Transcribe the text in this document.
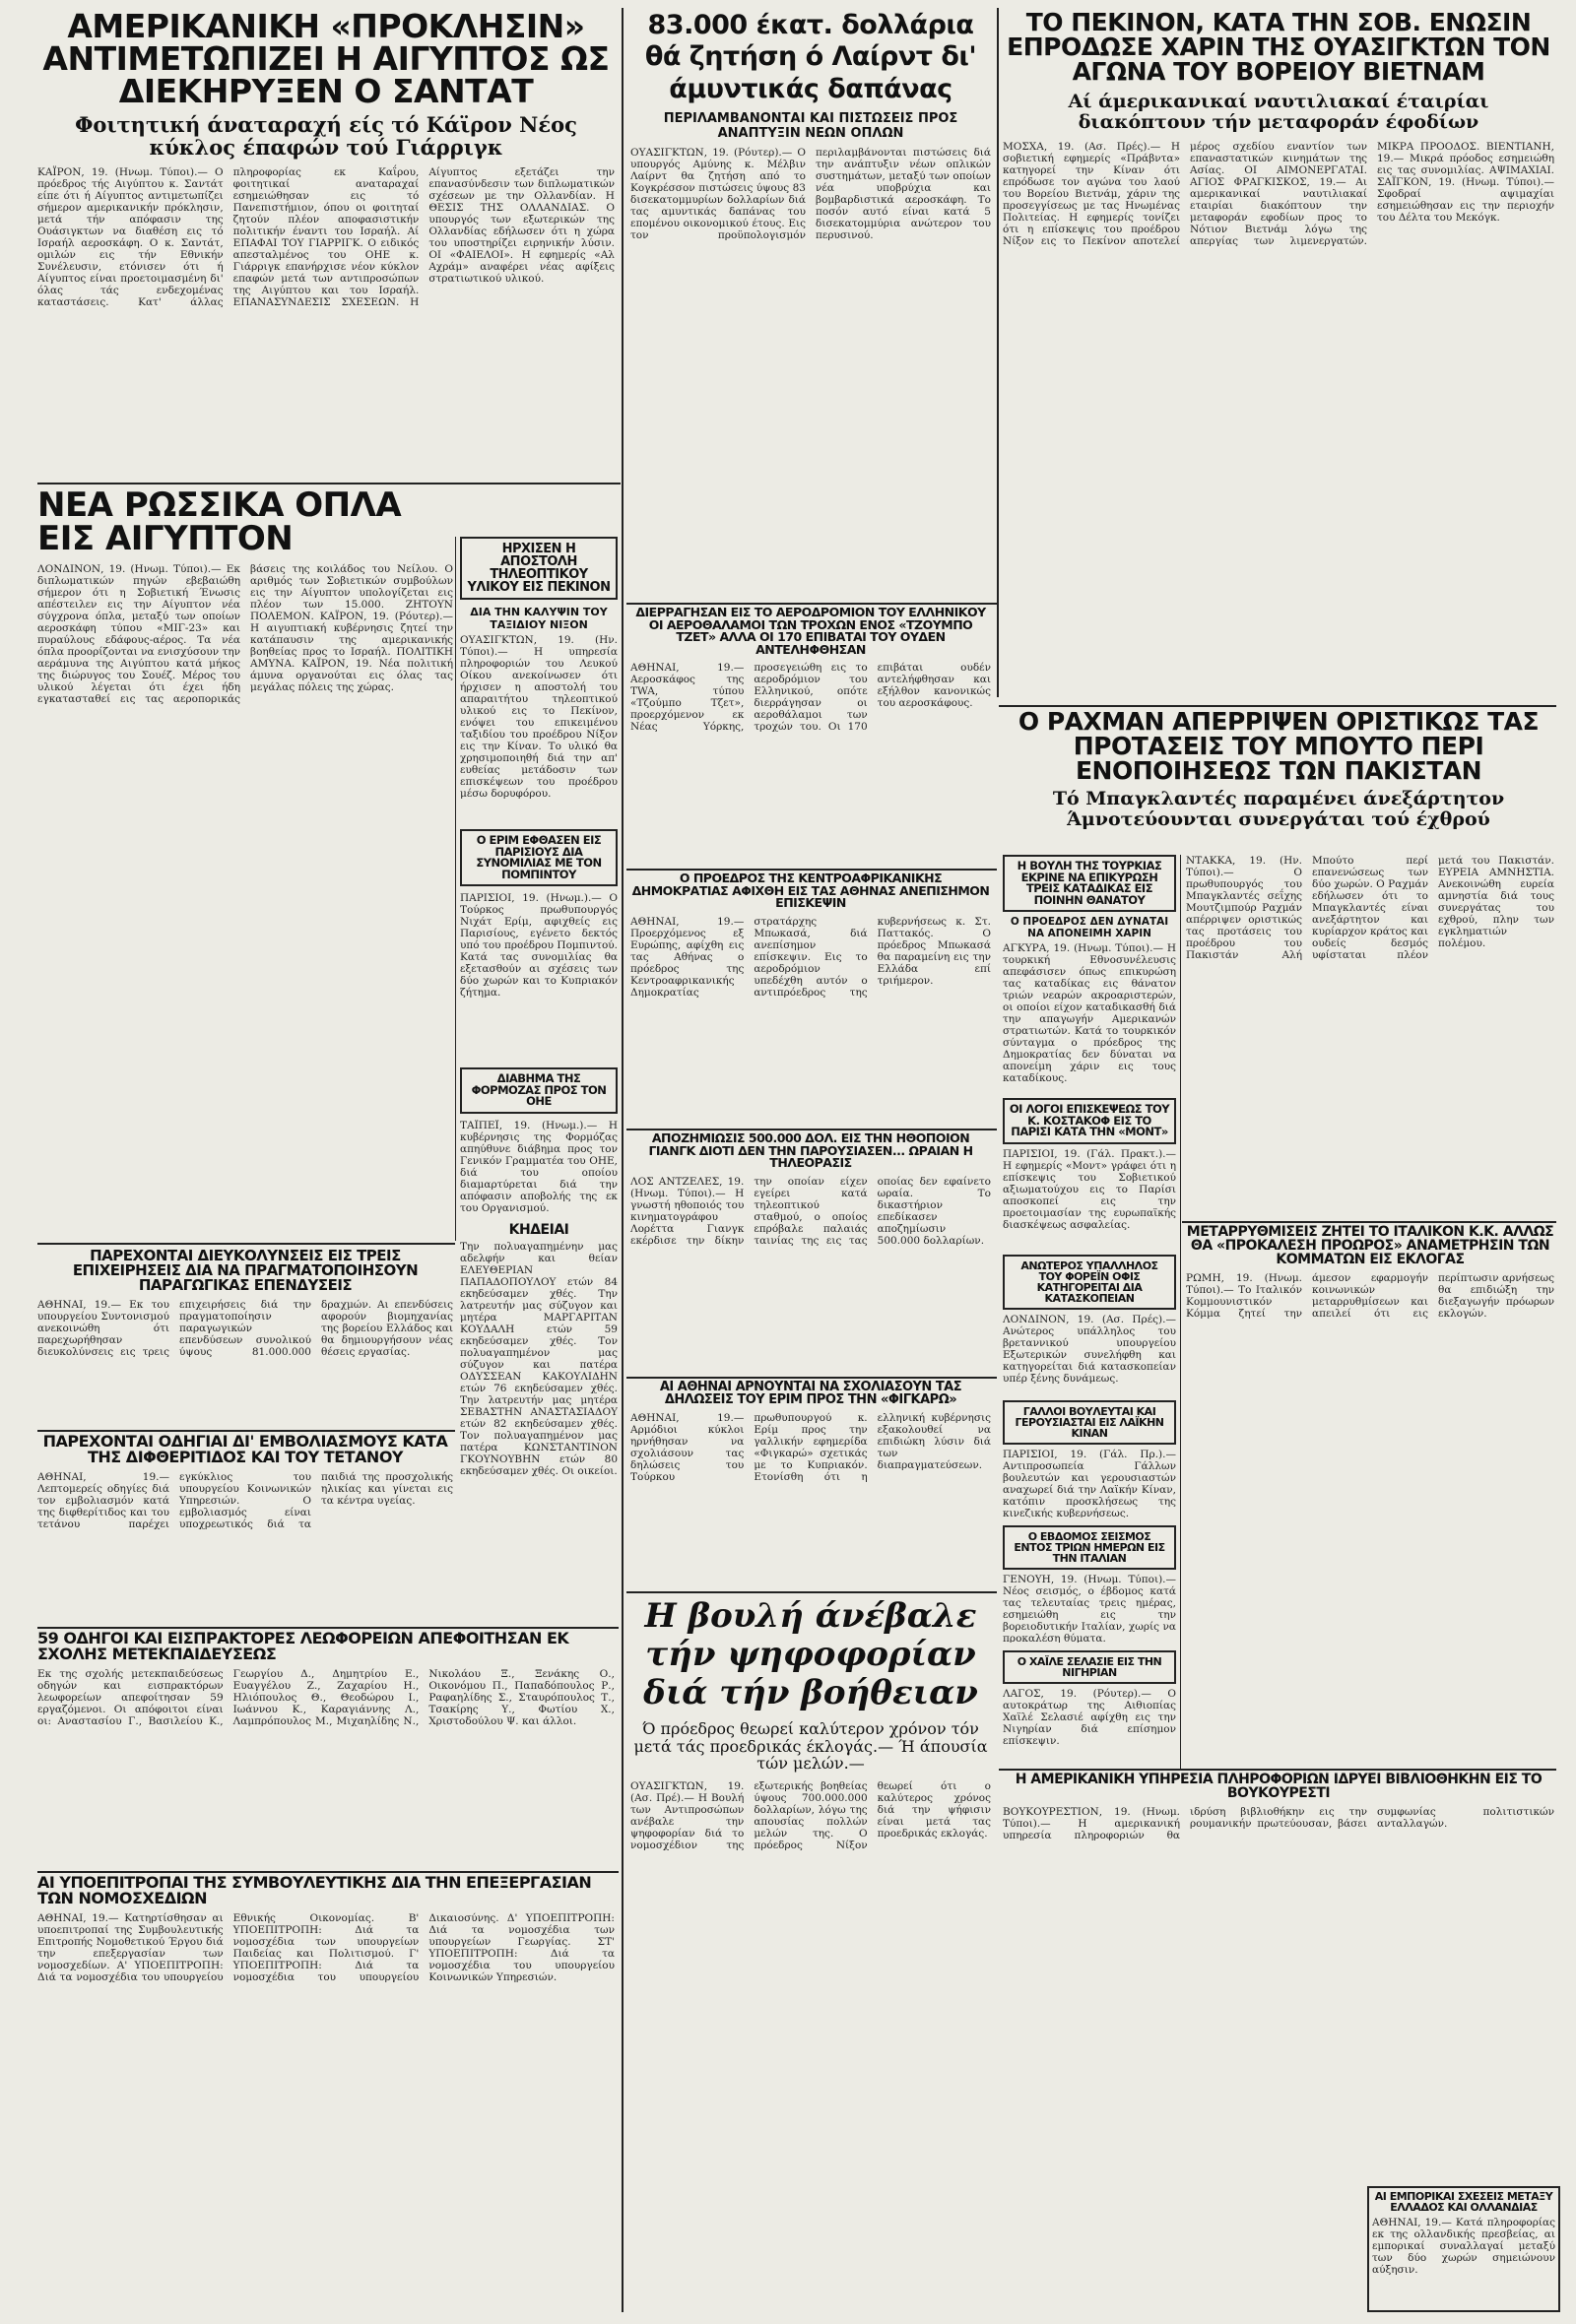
ΑΜΕΡΙΚΑΝΙΚΗ «ΠΡΟΚΛΗΣΙΝ» ΑΝΤΙΜΕΤΩΠΙΖΕΙ Η ΑΙΓΥΠΤΟΣ ΩΣ ΔΙΕΚΗΡΥΞΕΝ Ο ΣΑΝΤΑΤ
Φοιτητική άναταραχή είς τό Κάϊρον Νέος κύκλος έπαφών τού Γιάρριγκ
ΚΑΪΡΟΝ, 19. (Ηνωμ. Τύποι).— Ο πρόεδρος τής Αιγύπτου κ. Σαντάτ είπε ότι ή Αίγυπτος αντιμετωπίζει σήμερον αμερικανικήν πρόκλησιν, μετά τήν απόφασιν της Ουάσιγκτων να διαθέση εις τό Ισραήλ αεροσκάφη. Ο κ. Σαντάτ, ομιλών εις τήν Εθνικήν Συνέλευσιν, ετόνισεν ότι ή Αίγυπτος είναι προετοιμασμένη δι' όλας τάς ενδεχομένας καταστάσεις. Κατ' άλλας πληροφορίας εκ Καΐρου, φοιτητικαί αναταραχαί εσημειώθησαν εις τό Πανεπιστήμιον, όπου οι φοιτηταί ζητούν πλέον αποφασιστικήν πολιτικήν έναντι του Ισραήλ. Αί ΕΠΑΦΑΙ ΤΟΥ ΓΙΑΡΡΙΓΚ. Ο ειδικός απεσταλμένος του ΟΗΕ κ. Γιάρριγκ επανήρχισε νέον κύκλον επαφών μετά των αντιπροσώπων της Αιγύπτου και του Ισραήλ. ΕΠΑΝΑΣΥΝΔΕΣΙΣ ΣΧΕΣΕΩΝ. Η Αίγυπτος εξετάζει την επανασύνδεσιν των διπλωματικών σχέσεων με την Ολλανδίαν. Η ΘΕΣΙΣ ΤΗΣ ΟΛΛΑΝΔΙΑΣ. Ο υπουργός των εξωτερικών της Ολλανδίας εδήλωσεν ότι η χώρα του υποστηρίζει ειρηνικήν λύσιν. ΟΙ «ΦΑΙΕΛΟΙ». Η εφημερίς «Αλ Αχράμ» αναφέρει νέας αφίξεις στρατιωτικού υλικού.
ΝΕΑ ΡΩΣΣΙΚΑ ΟΠΛΑ ΕΙΣ ΑΙΓΥΠΤΟΝ
ΛΟΝΔΙΝΟΝ, 19. (Ηνωμ. Τύποι).— Εκ διπλωματικών πηγών εβεβαιώθη σήμερον ότι η Σοβιετική Ένωσις απέστειλεν εις την Αίγυπτον νέα σύγχρονα όπλα, μεταξύ των οποίων αεροσκάφη τύπου «ΜΙΓ-23» και πυραύλους εδάφους-αέρος. Τα νέα όπλα προορίζονται να ενισχύσουν την αεράμυνα της Αιγύπτου κατά μήκος της διώρυγος του Σουέζ. Μέρος του υλικού λέγεται ότι έχει ήδη εγκατασταθεί εις τας αεροπορικάς βάσεις της κοιλάδος του Νείλου. Ο αριθμός των Σοβιετικών συμβούλων εις την Αίγυπτον υπολογίζεται εις πλέον των 15.000. ΖΗΤΟΥΝ ΠΟΛΕΜΟΝ. ΚΑΪΡΟΝ, 19. (Ρόυτερ).— Η αιγυπτιακή κυβέρνησις ζητεί την κατάπαυσιν της αμερικανικής βοηθείας προς το Ισραήλ. ΠΟΛΙΤΙΚΗ ΑΜΥΝΑ. ΚΑΪΡΟΝ, 19. Νέα πολιτική άμυνα οργανούται εις όλας τας μεγάλας πόλεις της χώρας.
ΗΡΧΙΣΕΝ Η ΑΠΟΣΤΟΛΗ ΤΗΛΕΟΠΤΙΚΟΥ ΥΛΙΚΟΥ ΕΙΣ ΠΕΚΙΝΟΝ
ΔΙΑ ΤΗΝ ΚΑΛΥΨΙΝ ΤΟΥ ΤΑΞΙΔΙΟΥ ΝΙΞΟΝ
ΟΥΑΣΙΓΚΤΩΝ, 19. (Ην. Τύποι).— Η υπηρεσία πληροφοριών του Λευκού Οίκου ανεκοίνωσεν ότι ήρχισεν η αποστολή του απαραιτήτου τηλεοπτικού υλικού εις το Πεκίνον, ενόψει του επικειμένου ταξιδίου του προέδρου Νίξον εις την Κίναν. Το υλικό θα χρησιμοποιηθή διά την απ' ευθείας μετάδοσιν των επισκέψεων του προέδρου μέσω δορυφόρου.
Ο ΕΡΙΜ ΕΦΘΑΣΕΝ ΕΙΣ ΠΑΡΙΣΙΟΥΣ ΔΙΑ ΣΥΝΟΜΙΛΙΑΣ ΜΕ ΤΟΝ ΠΟΜΠΙΝΤΟΥ
ΠΑΡΙΣΙΟΙ, 19. (Ηνωμ.).— Ο Τούρκος πρωθυπουργός Νιχάτ Ερίμ, αφιχθείς εις Παρισίους, εγένετο δεκτός υπό του προέδρου Πομπιντού. Κατά τας συνομιλίας θα εξετασθούν αι σχέσεις των δύο χωρών και το Κυπριακόν ζήτημα.
ΔΙΑΒΗΜΑ ΤΗΣ ΦΟΡΜΟΖΑΣ ΠΡΟΣ ΤΟΝ ΟΗΕ
ΤΑΪΠΕΪ, 19. (Ηνωμ.).— Η κυβέρνησις της Φορμόζας απηύθυνε διάβημα προς τον Γενικόν Γραμματέα του ΟΗΕ, διά του οποίου διαμαρτύρεται διά την απόφασιν αποβολής της εκ του Οργανισμού.
ΚΗΔΕΙΑΙ
Την πολυαγαπημένην μας αδελφήν και θείαν ΕΛΕΥΘΕΡΙΑΝ ΠΑΠΑΔΟΠΟΥΛΟΥ ετών 84 εκηδεύσαμεν χθές. Την λατρευτήν μας σύζυγον και μητέρα ΜΑΡΓΑΡΙΤΑΝ ΚΟΥΔΑΛΗ ετών 59 εκηδεύσαμεν χθές. Τον πολυαγαπημένον μας σύζυγον και πατέρα ΟΔΥΣΣΕΑΝ ΚΑΚΟΥΛΙΔΗΝ ετών 76 εκηδεύσαμεν χθές. Την λατρευτήν μας μητέρα ΣΕΒΑΣΤΗΝ ΑΝΑΣΤΑΣΙΑΔΟΥ ετών 82 εκηδεύσαμεν χθές. Τον πολυαγαπημένον μας πατέρα ΚΩΝΣΤΑΝΤΙΝΟΝ ΓΚΟΥΝΟΥΒΗΝ ετών 80 εκηδεύσαμεν χθές. Οι οικείοι.
ΠΑΡΕΧΟΝΤΑΙ ΔΙΕΥΚΟΛΥΝΣΕΙΣ ΕΙΣ ΤΡΕΙΣ ΕΠΙΧΕΙΡΗΣΕΙΣ ΔΙΑ ΝΑ ΠΡΑΓΜΑΤΟΠΟΙΗΣΟΥΝ ΠΑΡΑΓΩΓΙΚΑΣ ΕΠΕΝΔΥΣΕΙΣ
ΑΘΗΝΑΙ, 19.— Εκ του υπουργείου Συντονισμού ανεκοινώθη ότι παρεχωρήθησαν διευκολύνσεις εις τρεις επιχειρήσεις διά την πραγματοποίησιν παραγωγικών επενδύσεων συνολικού ύψους 81.000.000 δραχμών. Αι επενδύσεις αφορούν βιομηχανίας της βορείου Ελλάδος και θα δημιουργήσουν νέας θέσεις εργασίας.
ΠΑΡΕΧΟΝΤΑΙ ΟΔΗΓΙΑΙ ΔΙ' ΕΜΒΟΛΙΑΣΜΟΥΣ ΚΑΤΑ ΤΗΣ ΔΙΦΘΕΡΙΤΙΔΟΣ ΚΑΙ ΤΟΥ ΤΕΤΑΝΟΥ
ΑΘΗΝΑΙ, 19.— Λεπτομερείς οδηγίες διά τον εμβολιασμόν κατά της διφθερίτιδος και του τετάνου παρέχει εγκύκλιος του υπουργείου Κοινωνικών Υπηρεσιών. Ο εμβολιασμός είναι υποχρεωτικός διά τα παιδιά της προσχολικής ηλικίας και γίνεται εις τα κέντρα υγείας.
59 ΟΔΗΓΟΙ ΚΑΙ ΕΙΣΠΡΑΚΤΟΡΕΣ ΛΕΩΦΟΡΕΙΩΝ ΑΠΕΦΟΙΤΗΣΑΝ ΕΚ ΣΧΟΛΗΣ ΜΕΤΕΚΠΑΙΔΕΥΣΕΩΣ
Εκ της σχολής μετεκπαιδεύσεως οδηγών και εισπρακτόρων λεωφορείων απεφοίτησαν 59 εργαζόμενοι. Οι απόφοιτοι είναι οι: Αναστασίου Γ., Βασιλείου Κ., Γεωργίου Δ., Δημητρίου Ε., Ευαγγέλου Ζ., Ζαχαρίου Η., Ηλιόπουλος Θ., Θεοδώρου Ι., Ιωάννου Κ., Καραγιάννης Λ., Λαμπρόπουλος Μ., Μιχαηλίδης Ν., Νικολάου Ξ., Ξενάκης Ο., Οικονόμου Π., Παπαδόπουλος Ρ., Ραφαηλίδης Σ., Σταυρόπουλος Τ., Τσακίρης Υ., Φωτίου Χ., Χριστοδούλου Ψ. και άλλοι.
ΑΙ ΥΠΟΕΠΙΤΡΟΠΑΙ ΤΗΣ ΣΥΜΒΟΥΛΕΥΤΙΚΗΣ ΔΙΑ ΤΗΝ ΕΠΕΞΕΡΓΑΣΙΑΝ ΤΩΝ ΝΟΜΟΣΧΕΔΙΩΝ
ΑΘΗΝΑΙ, 19.— Κατηρτίσθησαν αι υποεπιτροπαί της Συμβουλευτικής Επιτροπής Νομοθετικού Έργου διά την επεξεργασίαν των νομοσχεδίων. Α' ΥΠΟΕΠΙΤΡΟΠΗ: Διά τα νομοσχέδια του υπουργείου Εθνικής Οικονομίας. Β' ΥΠΟΕΠΙΤΡΟΠΗ: Διά τα νομοσχέδια των υπουργείων Παιδείας και Πολιτισμού. Γ' ΥΠΟΕΠΙΤΡΟΠΗ: Διά τα νομοσχέδια του υπουργείου Δικαιοσύνης. Δ' ΥΠΟΕΠΙΤΡΟΠΗ: Διά τα νομοσχέδια των υπουργείων Γεωργίας. ΣΤ' ΥΠΟΕΠΙΤΡΟΠΗ: Διά τα νομοσχέδια του υπουργείου Κοινωνικών Υπηρεσιών.
83.000 έκατ. δολλάρια θά ζητήση ό Λαίρντ δι' άμυντικάς δαπάνας
ΠΕΡΙΛΑΜΒΑΝΟΝΤΑΙ ΚΑΙ ΠΙΣΤΩΣΕΙΣ ΠΡΟΣ ΑΝΑΠΤΥΞΙΝ ΝΕΩΝ ΟΠΛΩΝ
ΟΥΑΣΙΓΚΤΩΝ, 19. (Ρόυτερ).— Ο υπουργός Αμύνης κ. Μέλβιν Λαίρντ θα ζητήση από το Κογκρέσσον πιστώσεις ύψους 83 δισεκατομμυρίων δολλαρίων διά τας αμυντικάς δαπάνας του επομένου οικονομικού έτους. Εις τον προϋπολογισμόν περιλαμβάνονται πιστώσεις διά την ανάπτυξιν νέων οπλικών συστημάτων, μεταξύ των οποίων νέα υποβρύχια και βομβαρδιστικά αεροσκάφη. Το ποσόν αυτό είναι κατά 5 δισεκατομμύρια ανώτερον του περυσινού.
ΔΙΕΡΡΑΓΗΣΑΝ ΕΙΣ ΤΟ ΑΕΡΟΔΡΟΜΙΟΝ ΤΟΥ ΕΛΛΗΝΙΚΟΥ ΟΙ ΑΕΡΟΘΑΛΑΜΟΙ ΤΩΝ ΤΡΟΧΩΝ ΕΝΟΣ «ΤΖΟΥΜΠΟ ΤΖΕΤ» ΑΛΛΑ ΟΙ 170 ΕΠΙΒΑΤΑΙ ΤΟΥ ΟΥΔΕΝ ΑΝΤΕΛΗΦΘΗΣΑΝ
ΑΘΗΝΑΙ, 19.— Αεροσκάφος της TWA, τύπου «Τζούμπο Τζετ», προερχόμενον εκ Νέας Υόρκης, προσεγειώθη εις το αεροδρόμιον του Ελληνικού, οπότε διερράγησαν οι αεροθάλαμοι των τροχών του. Οι 170 επιβάται ουδέν αντελήφθησαν και εξήλθον κανονικώς του αεροσκάφους.
Ο ΠΡΟΕΔΡΟΣ ΤΗΣ ΚΕΝΤΡΟΑΦΡΙΚΑΝΙΚΗΣ ΔΗΜΟΚΡΑΤΙΑΣ ΑΦΙΧΘΗ ΕΙΣ ΤΑΣ ΑΘΗΝΑΣ ΑΝΕΠΙΣΗΜΟΝ ΕΠΙΣΚΕΨΙΝ
ΑΘΗΝΑΙ, 19.— Προερχόμενος εξ Ευρώπης, αφίχθη εις τας Αθήνας ο πρόεδρος της Κεντροαφρικανικής Δημοκρατίας στρατάρχης Μπωκασά, διά ανεπίσημον επίσκεψιν. Εις το αεροδρόμιον υπεδέχθη αυτόν ο αντιπρόεδρος της κυβερνήσεως κ. Στ. Παττακός. Ο πρόεδρος Μπωκασά θα παραμείνη εις την Ελλάδα επί τριήμερον.
ΑΠΟΖΗΜΙΩΣΙΣ 500.000 ΔΟΛ. ΕΙΣ ΤΗΝ ΗΘΟΠΟΙΟΝ ΓΙΑΝΓΚ ΔΙΟΤΙ ΔΕΝ ΤΗΝ ΠΑΡΟΥΣΙΑΣΕΝ... ΩΡΑΙΑΝ Η ΤΗΛΕΟΡΑΣΙΣ
ΛΟΣ ΑΝΤΖΕΛΕΣ, 19. (Ηνωμ. Τύποι).— Η γνωστή ηθοποιός του κινηματογράφου Λορέττα Γιανγκ εκέρδισε την δίκην την οποίαν είχεν εγείρει κατά τηλεοπτικού σταθμού, ο οποίος επρόβαλε παλαιάς ταινίας της εις τας οποίας δεν εφαίνετο ωραία. Το δικαστήριον επεδίκασεν αποζημίωσιν 500.000 δολλαρίων.
ΑΙ ΑΘΗΝΑΙ ΑΡΝΟΥΝΤΑΙ ΝΑ ΣΧΟΛΙΑΣΟΥΝ ΤΑΣ ΔΗΛΩΣΕΙΣ ΤΟΥ ΕΡΙΜ ΠΡΟΣ ΤΗΝ «ΦΙΓΚΑΡΩ»
ΑΘΗΝΑΙ, 19.— Αρμόδιοι κύκλοι ηρνήθησαν να σχολιάσουν τας δηλώσεις του Τούρκου πρωθυπουργού κ. Ερίμ προς την γαλλικήν εφημερίδα «Φιγκαρώ» σχετικάς με το Κυπριακόν. Ετονίσθη ότι η ελληνική κυβέρνησις εξακολουθεί να επιδιώκη λύσιν διά των διαπραγματεύσεων.
Η βουλή άνέβαλε τήν ψηφοφορίαν διά τήν βοήθειαν
Ό πρόεδρος θεωρεί καλύτερον χρόνον τόν μετά τάς προεδρικάς έκλογάς.— Ή άπουσία τών μελών.—
ΟΥΑΣΙΓΚΤΩΝ, 19. (Ασ. Πρέ).— Η Βουλή των Αντιπροσώπων ανέβαλε την ψηφοφορίαν διά το νομοσχέδιον της εξωτερικής βοηθείας ύψους 700.000.000 δολλαρίων, λόγω της απουσίας πολλών μελών της. Ο πρόεδρος Νίξον θεωρεί ότι ο καλύτερος χρόνος διά την ψήφισιν είναι μετά τας προεδρικάς εκλογάς.
ΤΟ ΠΕΚΙΝΟΝ, ΚΑΤΑ ΤΗΝ ΣΟΒ. ΕΝΩΣΙΝ ΕΠΡΟΔΩΣΕ ΧΑΡΙΝ ΤΗΣ ΟΥΑΣΙΓΚΤΩΝ ΤΟΝ ΑΓΩΝΑ ΤΟΥ ΒΟΡΕΙΟΥ ΒΙΕΤΝΑΜ
Αί άμερικανικαί ναυτιλιακαί έταιρίαι διακόπτουν τήν μεταφοράν έφοδίων
ΜΟΣΧΑ, 19. (Ασ. Πρές).— Η σοβιετική εφημερίς «Πράβντα» κατηγορεί την Κίναν ότι επρόδωσε τον αγώνα του λαού του Βορείου Βιετνάμ, χάριν της προσεγγίσεως με τας Ηνωμένας Πολιτείας. Η εφημερίς τονίζει ότι η επίσκεψις του προέδρου Νίξον εις το Πεκίνον αποτελεί μέρος σχεδίου εναντίον των επαναστατικών κινημάτων της Ασίας. ΟΙ ΑΙΜΟΝΕΡΓΑΤΑΙ. ΑΓΙΟΣ ΦΡΑΓΚΙΣΚΟΣ, 19.— Αι αμερικανικαί ναυτιλιακαί εταιρίαι διακόπτουν την μεταφοράν εφοδίων προς το Νότιον Βιετνάμ λόγω της απεργίας των λιμενεργατών. ΜΙΚΡΑ ΠΡΟΟΔΟΣ. ΒΙΕΝΤΙΑΝΗ, 19.— Μικρά πρόοδος εσημειώθη εις τας συνομιλίας. ΑΨΙΜΑΧΙΑΙ. ΣΑΪΓΚΟΝ, 19. (Ηνωμ. Τύποι).— Σφοδραί αψιμαχίαι εσημειώθησαν εις την περιοχήν του Δέλτα του Μεκόγκ.
Ο ΡΑΧΜΑΝ ΑΠΕΡΡΙΨΕΝ ΟΡΙΣΤΙΚΩΣ ΤΑΣ ΠΡΟΤΑΣΕΙΣ ΤΟΥ ΜΠΟΥΤΟ ΠΕΡΙ ΕΝΟΠΟΙΗΣΕΩΣ ΤΩΝ ΠΑΚΙΣΤΑΝ
Τό Μπαγκλαντές παραμένει άνεξάρτητον Άμνοτεύουνται συνεργάται τού έχθρού
Η ΒΟΥΛΗ ΤΗΣ ΤΟΥΡΚΙΑΣ ΕΚΡΙΝΕ ΝΑ ΕΠΙΚΥΡΩΣΗ ΤΡΕΙΣ ΚΑΤΑΔΙΚΑΣ ΕΙΣ ΠΟΙΝΗΝ ΘΑΝΑΤΟΥ
Ο ΠΡΟΕΔΡΟΣ ΔΕΝ ΔΥΝΑΤΑΙ ΝΑ ΑΠΟΝΕΙΜΗ ΧΑΡΙΝ
ΑΓΚΥΡΑ, 19. (Ηνωμ. Τύποι).— Η τουρκική Εθνοσυνέλευσις απεφάσισεν όπως επικυρώση τας καταδίκας εις θάνατον τριών νεαρών ακροαριστερών, οι οποίοι είχον καταδικασθή διά την απαγωγήν Αμερικανών στρατιωτών. Κατά το τουρκικόν σύνταγμα ο πρόεδρος της Δημοκρατίας δεν δύναται να απονείμη χάριν εις τους καταδίκους.
ΟΙ ΛΟΓΟΙ ΕΠΙΣΚΕΨΕΩΣ ΤΟΥ Κ. ΚΟΣΤΑΚΟΦ ΕΙΣ ΤΟ ΠΑΡΙΣΙ ΚΑΤΑ ΤΗΝ «ΜΟΝΤ»
ΠΑΡΙΣΙΟΙ, 19. (Γάλ. Πρακτ.).— Η εφημερίς «Μοντ» γράφει ότι η επίσκεψις του Σοβιετικού αξιωματούχου εις το Παρίσι αποσκοπεί εις την προετοιμασίαν της ευρωπαϊκής διασκέψεως ασφαλείας.
ΑΝΩΤΕΡΟΣ ΥΠΑΛΛΗΛΟΣ ΤΟΥ ΦΟΡΕΪΝ ΟΦΙΣ ΚΑΤΗΓΟΡΕΙΤΑΙ ΔΙΑ ΚΑΤΑΣΚΟΠΕΙΑΝ
ΛΟΝΔΙΝΟΝ, 19. (Ασ. Πρές).— Ανώτερος υπάλληλος του βρεταννικού υπουργείου Εξωτερικών συνελήφθη και κατηγορείται διά κατασκοπείαν υπέρ ξένης δυνάμεως.
ΓΑΛΛΟΙ ΒΟΥΛΕΥΤΑΙ ΚΑΙ ΓΕΡΟΥΣΙΑΣΤΑΙ ΕΙΣ ΛΑΪΚΗΝ ΚΙΝΑΝ
ΠΑΡΙΣΙΟΙ, 19. (Γάλ. Πρ.).— Αντιπροσωπεία Γάλλων βουλευτών και γερουσιαστών αναχωρεί διά την Λαϊκήν Κίναν, κατόπιν προσκλήσεως της κινεζικής κυβερνήσεως.
Ο ΕΒΔΟΜΟΣ ΣΕΙΣΜΟΣ ΕΝΤΟΣ ΤΡΙΩΝ ΗΜΕΡΩΝ ΕΙΣ ΤΗΝ ΙΤΑΛΙΑΝ
ΓΕΝΟΥΗ, 19. (Ηνωμ. Τύποι).— Νέος σεισμός, ο έβδομος κατά τας τελευταίας τρεις ημέρας, εσημειώθη εις την βορειοδυτικήν Ιταλίαν, χωρίς να προκαλέση θύματα.
Ο ΧΑΪΛΕ ΣΕΛΑΣΙΕ ΕΙΣ ΤΗΝ ΝΙΓΗΡΙΑΝ
ΛΑΓΟΣ, 19. (Ρόυτερ).— Ο αυτοκράτωρ της Αιθιοπίας Χαϊλέ Σελασιέ αφίχθη εις την Νιγηρίαν διά επίσημον επίσκεψιν.
ΝΤΑΚΚΑ, 19. (Ην. Τύποι).— Ο πρωθυπουργός του Μπαγκλαντές σεΐχης Μουτζιμπούρ Ραχμάν απέρριψεν οριστικώς τας προτάσεις του προέδρου του Πακιστάν Αλή Μπούτο περί επανενώσεως των δύο χωρών. Ο Ραχμάν εδήλωσεν ότι το Μπαγκλαντές είναι ανεξάρτητον και κυρίαρχον κράτος και ουδείς δεσμός υφίσταται πλέον μετά του Πακιστάν. ΕΥΡΕΙΑ ΑΜΝΗΣΤΙΑ. Ανεκοινώθη ευρεία αμνηστία διά τους συνεργάτας του εχθρού, πλην των εγκληματιών πολέμου.
ΜΕΤΑΡΡΥΘΜΙΣΕΙΣ ΖΗΤΕΙ ΤΟ ΙΤΑΛΙΚΟΝ Κ.Κ. ΑΛΛΩΣ ΘΑ «ΠΡΟΚΑΛΕΣΗ ΠΡΟΩΡΟΣ» ΑΝΑΜΕΤΡΗΣΙΝ ΤΩΝ ΚΟΜΜΑΤΩΝ ΕΙΣ ΕΚΛΟΓΑΣ
ΡΩΜΗ, 19. (Ηνωμ. Τύποι).— Το Ιταλικόν Κομμουνιστικόν Κόμμα ζητεί την άμεσον εφαρμογήν κοινωνικών μεταρρυθμίσεων και απειλεί ότι εις περίπτωσιν αρνήσεως θα επιδιώξη την διεξαγωγήν πρόωρων εκλογών.
Η ΑΜΕΡΙΚΑΝΙΚΗ ΥΠΗΡΕΣΙΑ ΠΛΗΡΟΦΟΡΙΩΝ ΙΔΡΥΕΙ ΒΙΒΛΙΟΘΗΚΗΝ ΕΙΣ ΤΟ ΒΟΥΚΟΥΡΕΣΤΙ
ΒΟΥΚΟΥΡΕΣΤΙΟΝ, 19. (Ηνωμ. Τύποι).— Η αμερικανική υπηρεσία πληροφοριών θα ιδρύση βιβλιοθήκην εις την ρουμανικήν πρωτεύουσαν, βάσει συμφωνίας πολιτιστικών ανταλλαγών.
ΑΙ ΕΜΠΟΡΙΚΑΙ ΣΧΕΣΕΙΣ ΜΕΤΑΞΥ ΕΛΛΑΔΟΣ ΚΑΙ ΟΛΛΑΝΔΙΑΣ
ΑΘΗΝΑΙ, 19.— Κατά πληροφορίας εκ της ολλανδικής πρεσβείας, αι εμπορικαί συναλλαγαί μεταξύ των δύο χωρών σημειώνουν αύξησιν.
